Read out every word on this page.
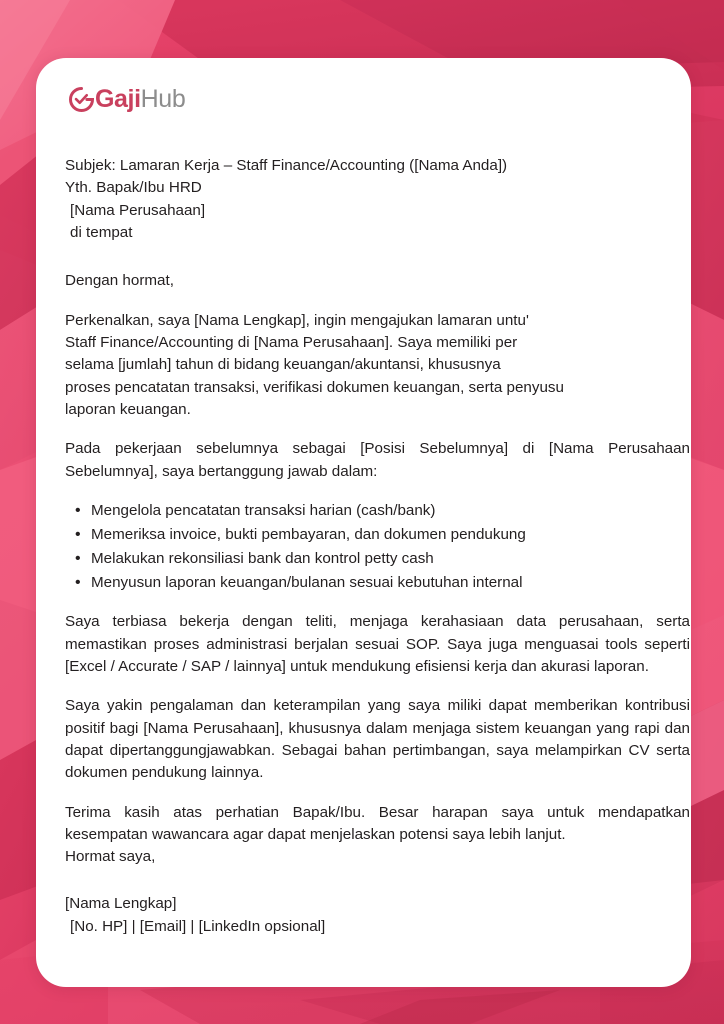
Gaji Hub
Subjek: Lamaran Kerja – Staff Finance/Accounting ([Nama Anda])
Yth. Bapak/Ibu HRD
[Nama Perusahaan]
di tempat
Dengan hormat,
Perkenalkan, saya [Nama Lengkap], ingin mengajukan lamaran untu'
Staff Finance/Accounting di [Nama Perusahaan]. Saya memiliki per
selama [jumlah] tahun di bidang keuangan/akuntansi, khususnya
proses pencatatan transaksi, verifikasi dokumen keuangan, serta penyusu
laporan keuangan.
Pada pekerjaan sebelumnya sebagai [Posisi Sebelumnya] di [Nama Perusahaan Sebelumnya], saya bertanggung jawab dalam:
• Mengelola pencatatan transaksi harian (cash/bank)
• Memeriksa invoice, bukti pembayaran, dan dokumen pendukung
• Melakukan rekonsiliasi bank dan kontrol petty cash
• Menyusun laporan keuangan/bulanan sesuai kebutuhan internal
Saya terbiasa bekerja dengan teliti, menjaga kerahasiaan data perusahaan, serta memastikan proses administrasi berjalan sesuai SOP. Saya juga menguasai tools seperti [Excel / Accurate / SAP / lainnya] untuk mendukung efisiensi kerja dan akurasi laporan.
Saya yakin pengalaman dan keterampilan yang saya miliki dapat memberikan kontribusi positif bagi [Nama Perusahaan], khususnya dalam menjaga sistem keuangan yang rapi dan dapat dipertanggungjawabkan. Sebagai bahan pertimbangan, saya melampirkan CV serta dokumen pendukung lainnya.
Terima kasih atas perhatian Bapak/Ibu. Besar harapan saya untuk mendapatkan kesempatan wawancara agar dapat menjelaskan potensi saya lebih lanjut.
Hormat saya,
[Nama Lengkap]
[No. HP] | [Email] | [LinkedIn opsional]
